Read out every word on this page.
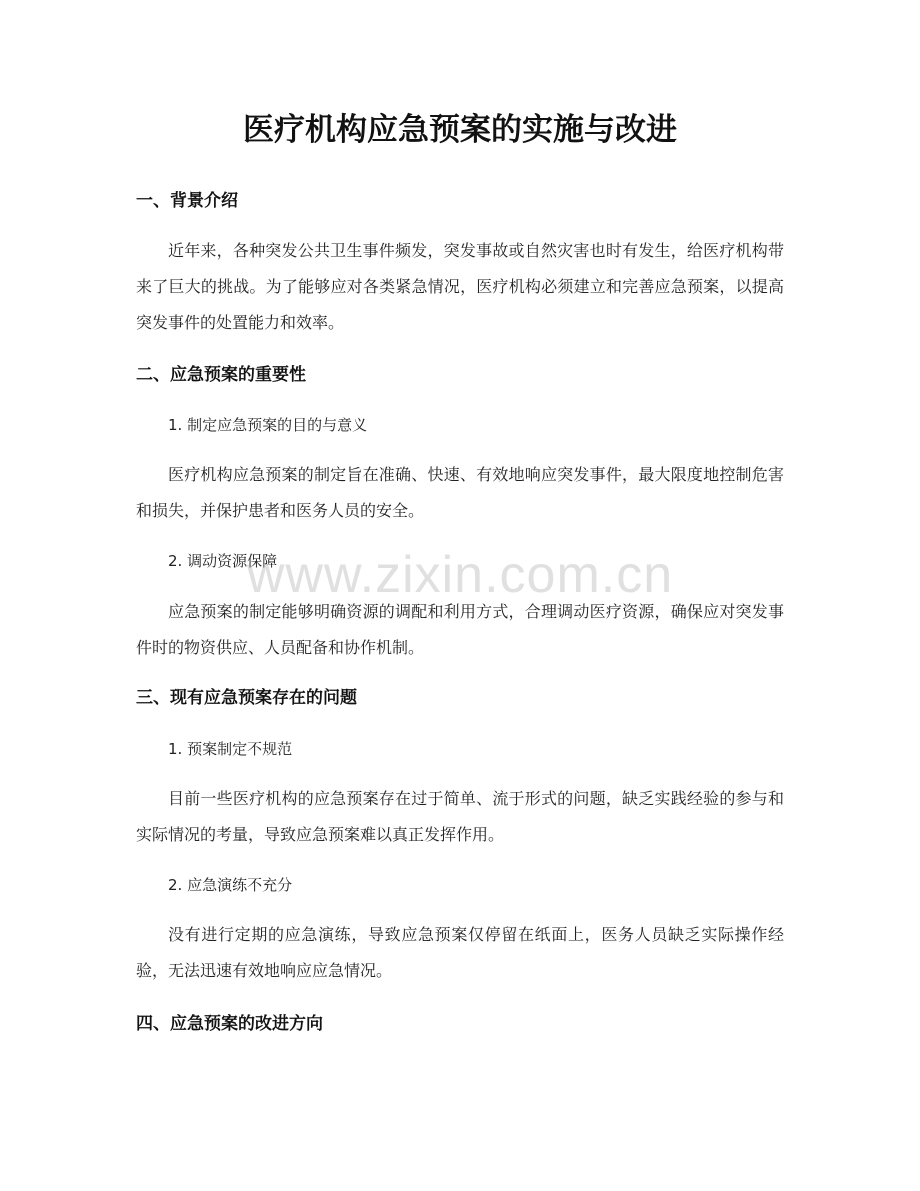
医疗机构应急预案的实施与改进
一、背景介绍
近年来，各种突发公共卫生事件频发，突发事故或自然灾害也时有发生，给医疗机构带来了巨大的挑战。为了能够应对各类紧急情况，医疗机构必须建立和完善应急预案，以提高突发事件的处置能力和效率。
二、应急预案的重要性
1. 制定应急预案的目的与意义
医疗机构应急预案的制定旨在准确、快速、有效地响应突发事件，最大限度地控制危害和损失，并保护患者和医务人员的安全。
2. 调动资源保障
应急预案的制定能够明确资源的调配和利用方式，合理调动医疗资源，确保应对突发事件时的物资供应、人员配备和协作机制。
三、现有应急预案存在的问题
1. 预案制定不规范
目前一些医疗机构的应急预案存在过于简单、流于形式的问题，缺乏实践经验的参与和实际情况的考量，导致应急预案难以真正发挥作用。
2. 应急演练不充分
没有进行定期的应急演练，导致应急预案仅停留在纸面上，医务人员缺乏实际操作经验，无法迅速有效地响应应急情况。
四、应急预案的改进方向
www.zixin.com.cn
